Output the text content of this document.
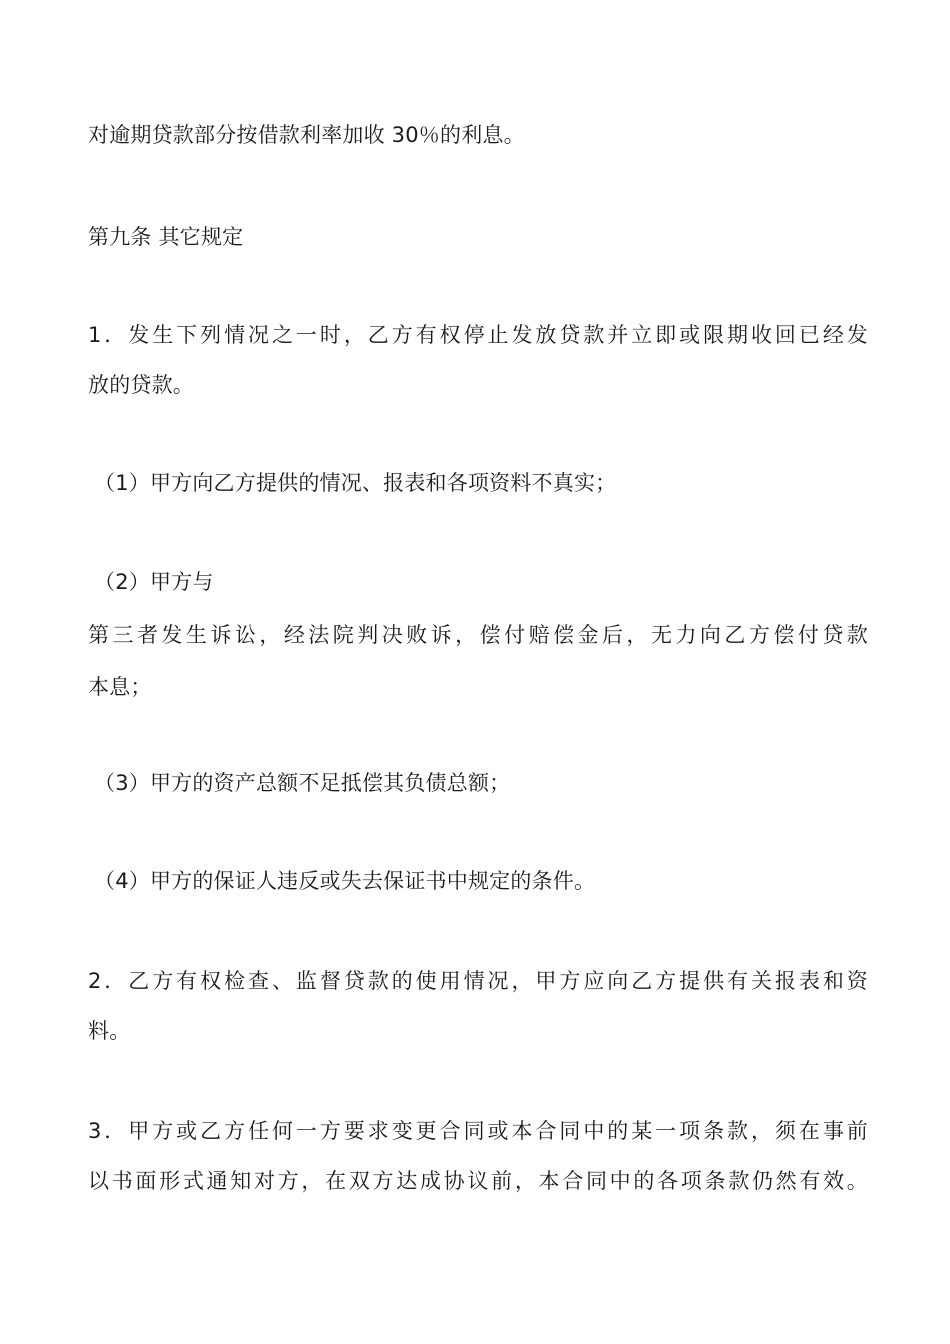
对逾期贷款部分按借款利率加收 30％的利息。
第九条 其它规定
1．发生下列情况之一时，乙方有权停止发放贷款并立即或限期收回已经发
放的贷款。
（1）甲方向乙方提供的情况、报表和各项资料不真实；
（2）甲方与
第三者发生诉讼，经法院判决败诉，偿付赔偿金后，无力向乙方偿付贷款
本息；
（3）甲方的资产总额不足抵偿其负债总额；
（4）甲方的保证人违反或失去保证书中规定的条件。
2．乙方有权检查、监督贷款的使用情况，甲方应向乙方提供有关报表和资
料。
3．甲方或乙方任何一方要求变更合同或本合同中的某一项条款，须在事前
以书面形式通知对方，在双方达成协议前，本合同中的各项条款仍然有效。
